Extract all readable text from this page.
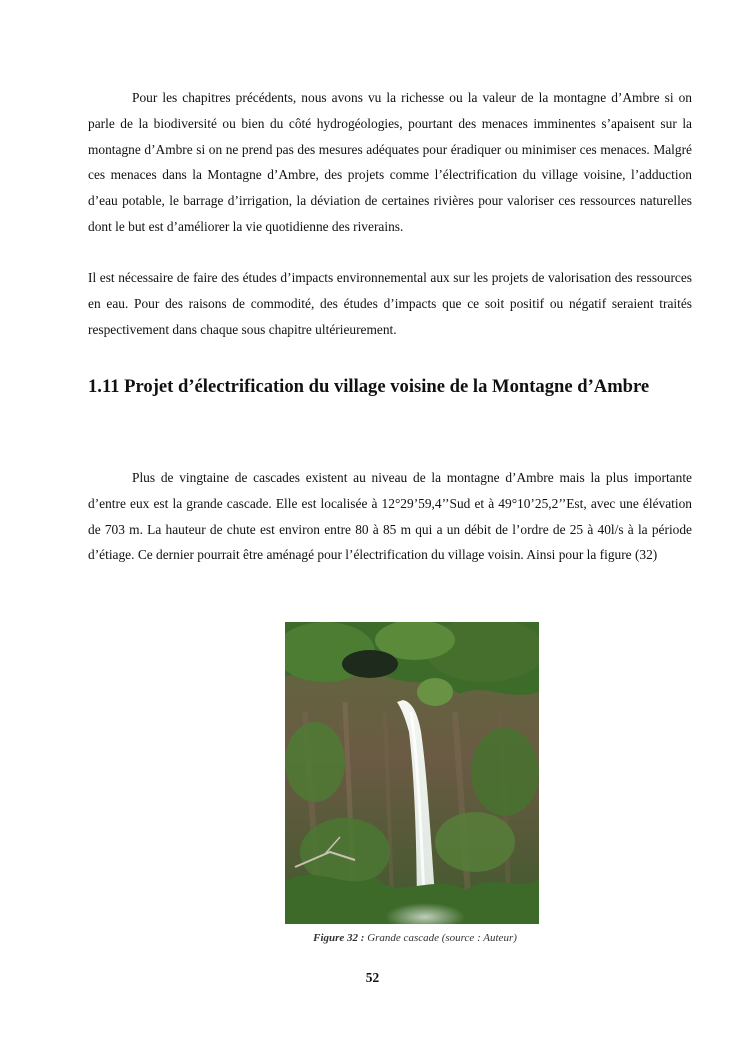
Pour les chapitres précédents, nous avons vu la richesse ou la valeur de la montagne d’Ambre si on parle de la biodiversité ou bien du côté hydrogéologies, pourtant des menaces imminentes s’apaisent sur la montagne d’Ambre si on ne prend pas des mesures adéquates pour éradiquer ou minimiser ces menaces. Malgré ces menaces dans la Montagne d’Ambre, des projets comme l’électrification du village voisine, l’adduction d’eau potable, le barrage d’irrigation, la déviation de certaines rivières pour valoriser ces ressources naturelles dont le but est d’améliorer la vie quotidienne des riverains.

Il est nécessaire de faire des études d’impacts environnemental aux sur les projets de valorisation des ressources en eau. Pour des raisons de commodité, des études d’impacts que ce soit positif ou négatif seraient traités respectivement dans chaque sous chapitre ultérieurement.

1.11 Projet d’électrification du village voisine de la Montagne d’Ambre

Plus de vingtaine de cascades existent au niveau de la montagne d’Ambre mais la plus importante d’entre eux est la grande cascade. Elle est localisée à 12°29’59,4’’Sud et à 49°10’25,2’’Est, avec une élévation de 703 m. La hauteur de chute est environ entre 80 à 85 m qui a un débit de l’ordre de 25 à 40l/s à la période d’étiage. Ce dernier pourrait être aménagé pour l’électrification du village voisin. Ainsi pour la figure (32)

Figure 32 : Grande cascade (source : Auteur)

52
